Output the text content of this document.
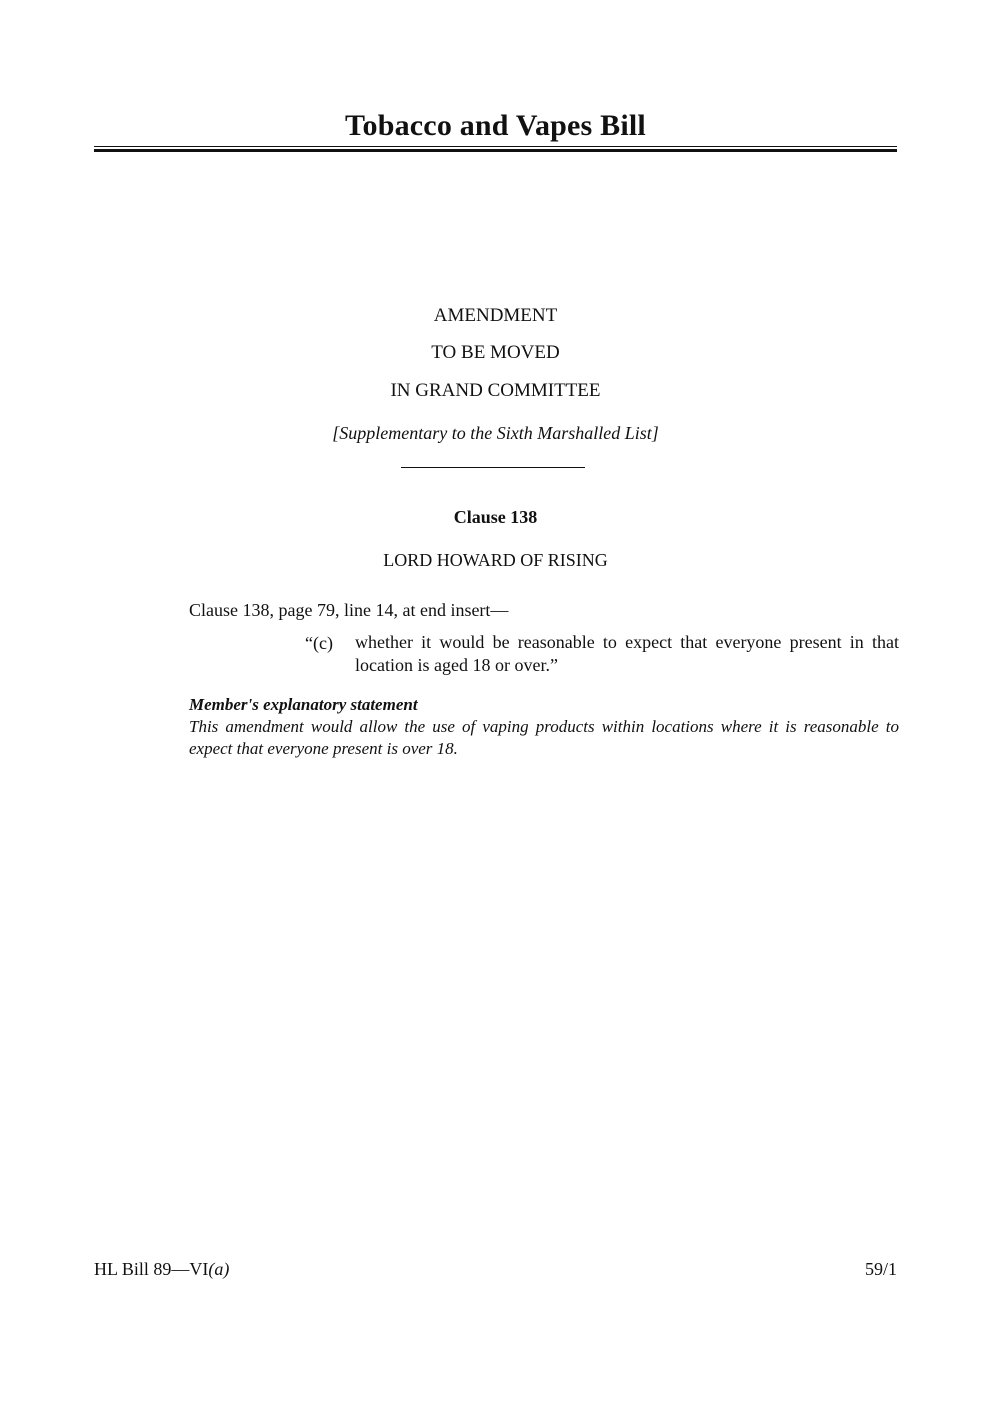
Tobacco and Vapes Bill
AMENDMENT
TO BE MOVED
IN GRAND COMMITTEE
[Supplementary to the Sixth Marshalled List]
Clause 138
LORD HOWARD OF RISING
Clause 138, page 79, line 14, at end insert—
“(c) whether it would be reasonable to expect that everyone present in that location is aged 18 or over.”
Member's explanatory statement
This amendment would allow the use of vaping products within locations where it is reasonable to expect that everyone present is over 18.
HL Bill 89—VI(a)	59/1
